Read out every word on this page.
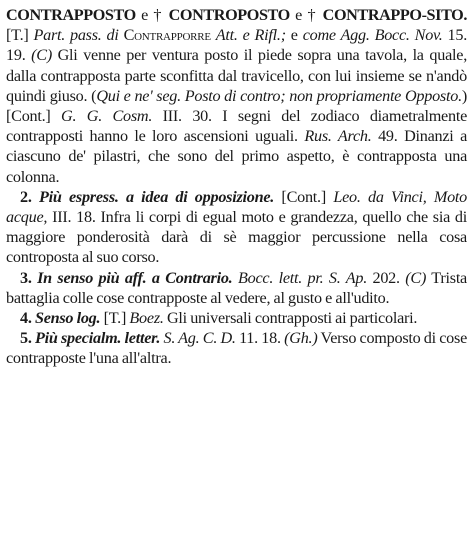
CONTRAPPOSTO e † CONTROPOSTO e † CONTRAPPO-SITO. [T.] Part. pass. di Contrapporre Att. e Rifl.; e come Agg. Bocc. Nov. 15. 19. (C) Gli venne per ventura posto il piede sopra una tavola, la quale, dalla contrapposta parte sconfitta dal travicello, con lui insieme se n'andò quindi giuso. (Qui e ne' seg. Posto di contro; non propriamente Opposto.) [Cont.] G. G. Cosm. III. 30. I segni del zodiaco diametralmente contrapposti hanno le loro ascensioni uguali. Rus. Arch. 49. Dinanzi a ciascuno de' pilastri, che sono del primo aspetto, è contrapposta una colonna.

2. Più espress. a idea di opposizione. [Cont.] Leo. da Vinci, Moto acque, III. 18. Infra li corpi di egual moto e grandezza, quello che sia di maggiore ponderosità darà di sè maggior percussione nella cosa controposta al suo corso.

3. In senso più aff. a Contrario. Bocc. lett. pr. S. Ap. 202. (C) Trista battaglia colle cose contrapposte al vedere, al gusto e all'udito.

4. Senso log. [T.] Boez. Gli universali contrapposti ai particolari.

5. Più specialm. letter. S. Ag. C. D. 11. 18. (Gh.) Verso composto di cose contrapposte l'una all'altra.
